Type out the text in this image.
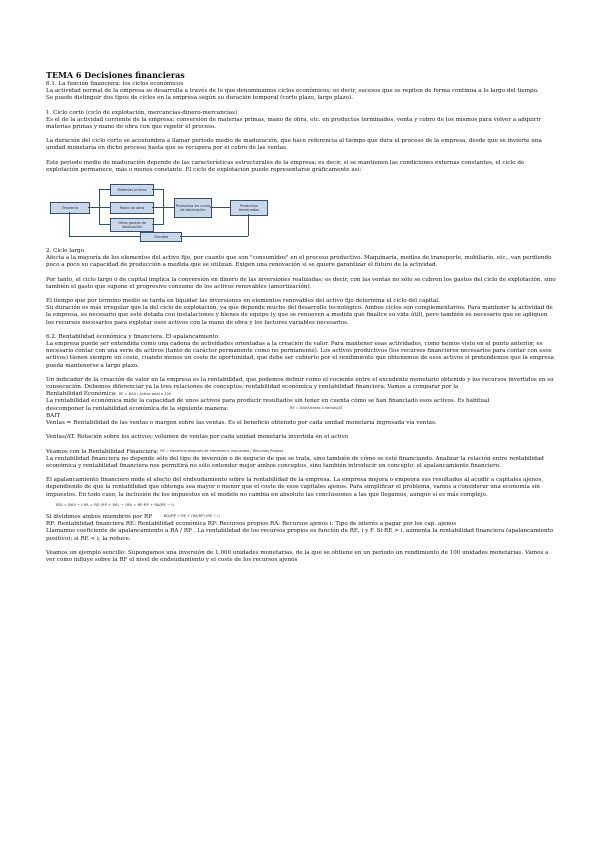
TEMA 6 Decisiones financieras

6.1. La función financiera: los ciclos económicos

La actividad normal de la empresa se desarrolla a través de lo que denominamos ciclos económicos; es decir, sucesos que se repiten de forma continua a lo largo del tiempo.

Se puede distinguir dos tipos de ciclos en la empresa según su duración temporal (corto plazo, largo plazo).

1. Ciclo corto (ciclo de explotación, mercancías-dinero-mercancías)

Es el de la actividad corriente de la empresa: conversión de materias primas, mano de obra, etc. en productos terminados, venta y cobro de los mismos para volver a adquirir materias primas y mano de obra con que repetir el proceso.

La duración del ciclo corto se acostumbra a llamar periodo medio de maduración, que hace referencia al tiempo que dura el proceso de la empresa, desde que se invierte una unidad monetaria en dicho proceso hasta que se recupera por el cobro de las ventas.

Este periodo medio de maduración depende de las características estructurales de la empresa; es decir, si se mantienen las condiciones externas constantes, el ciclo de explotación permanece, más o menos constante. El ciclo de explotación puede representarse gráficamente así:

Tesorería
Materias primas
Mano de obra
Otros gastos de fabricación
Productos en curso de fabricación
Productos terminados
Clientes

2. Ciclo largo

Afecta a la mayoría de los elementos del activo fijo, por cuanto que son "consumidos" en el proceso productivo. Maquinaria, medios de transporte, mobiliario, etc., van perdiendo poco a poco su capacidad de producción a medida que se utilizan. Exigen una renovación si se quiere garantizar el futuro de la actividad.

Por tanto, el ciclo largo o de capital implica la conversión en dinero de las inversiones realizadas; es decir, con las ventas no sólo se cubren los gastos del ciclo de explotación, sino también el gasto que supone el progresivo consumo de los activos renovables (amortización).

El tiempo que por término medio se tarda en liquidar las inversiones en elementos renovables del activo fijo determina el ciclo del capital.

Su duración es más irregular que la del ciclo de explotación, ya que depende mucho del desarrollo tecnológico. Ambos ciclos son complementarios. Para mantener la actividad de la empresa, es necesario que esté dotada con instalaciones y bienes de equipo (y que se renueven a medida que finalice su vida útil), pero también es necesario que se apliquen los recursos necesarios para explotar esos activos con la mano de obra y los factores variables necesarios.

6.2. Rentabilidad económica y financiera. El apalancamiento

La empresa puede ser entendida como una cadena de actividades orientadas a la creación de valor. Para mantener esas actividades, como hemos visto en el punto anterior, es necesario contar con una serie de activos (tanto de carácter permanente como no permanente). Los activos productivos (los recursos financieros necesarios para contar con esos activos) tienen siempre un coste, cuando menos un coste de oportunidad, que debe ser cubierto por el rendimiento que obtenemos de esos activos si pretendemos que la empresa pueda mantenerse a largo plazo.

Un indicador de la creación de valor en la empresa es la rentabilidad, que podemos definir como el cociente entre el excedente monetario obtenido y los recursos invertidos en su consecución. Debemos diferenciar ya la tres relaciones de conceptos: rentabilidad económica y rentabilidad financiera. Vamos a comparar por la

Rentabilidad Económica: RE = BAII / Activo total x 100

La rentabilidad económica mide la capacidad de unos activos para producir resultados sin tener en cuenta cómo se han financiado esos activos. Es habitual

descomponer la rentabilidad económica de la siguiente manera:	RE = BAII/Ventas x Ventas/AT

BAIT

Ventas = Rentabilidad de las ventas o margen sobre las ventas. Es el beneficio obtenido por cada unidad monetaria ingresada vía ventas.

Ventas/AT. Rotación sobre los activos; volumen de ventas por cada unidad monetaria invertida en el activo

Veamos con la Rentabilidad Financiera: RF = Beneficio después de intereses e impuestos / Recursos Propios

La rentabilidad financiera no depende sólo del tipo de inversión o de negocio de que se trata, sino también de cómo se esté financiando. Analizar la relación entre rentabilidad económica y rentabilidad financiera nos permitirá no sólo entender mejor ambos conceptos, sino también introducir un concepto: el apalancamiento financiero.

El apalancamiento financiero mide el efecto del endeudamiento sobre la rentabilidad de la empresa. La empresa mejora o empeora sus resultados al acudir a capitales ajenos, dependiendo de que la rentabilidad que obtenga sea mayor o menor que el coste de esos capitales ajenos. Para simplificar el problema, vamos a considerar una economía sin impuestos. En todo caso, la inclusión de los impuestos en el modelo no cambia en absoluto las conclusiones a las que llegamos, aunque sí es más complejo.

BDI = BAII − i·RA = RE·(RP + RA) − i·RA = RE·RP + RA(RE − i)

Si dividimos ambos miembros por RP	BDI/RP = RE + (RA/RP)·(RE − i)

RF: Rentabilidad financiera RE: Rentabilidad económica RP: Recursos propios RA: Recursos ajenos i: Tipo de interés a pagar por los cap. ajenos

Llamamos coeficiente de apalancamiento a RA / RP . La rentabilidad de los recursos propios es función de RE, i y F. Si RE > i, aumenta la rentabilidad financiera (apalancamiento positivo); si RE < i, la reduce.

Veamos un ejemplo sencillo: Supongamos una inversión de 1.000 unidades monetarias, de la que se obtiene en un periodo un rendimiento de 100 unidades monetarias. Vamos a ver cómo influye sobre la RF el nivel de endeudamiento y el coste de los recursos ajenos
